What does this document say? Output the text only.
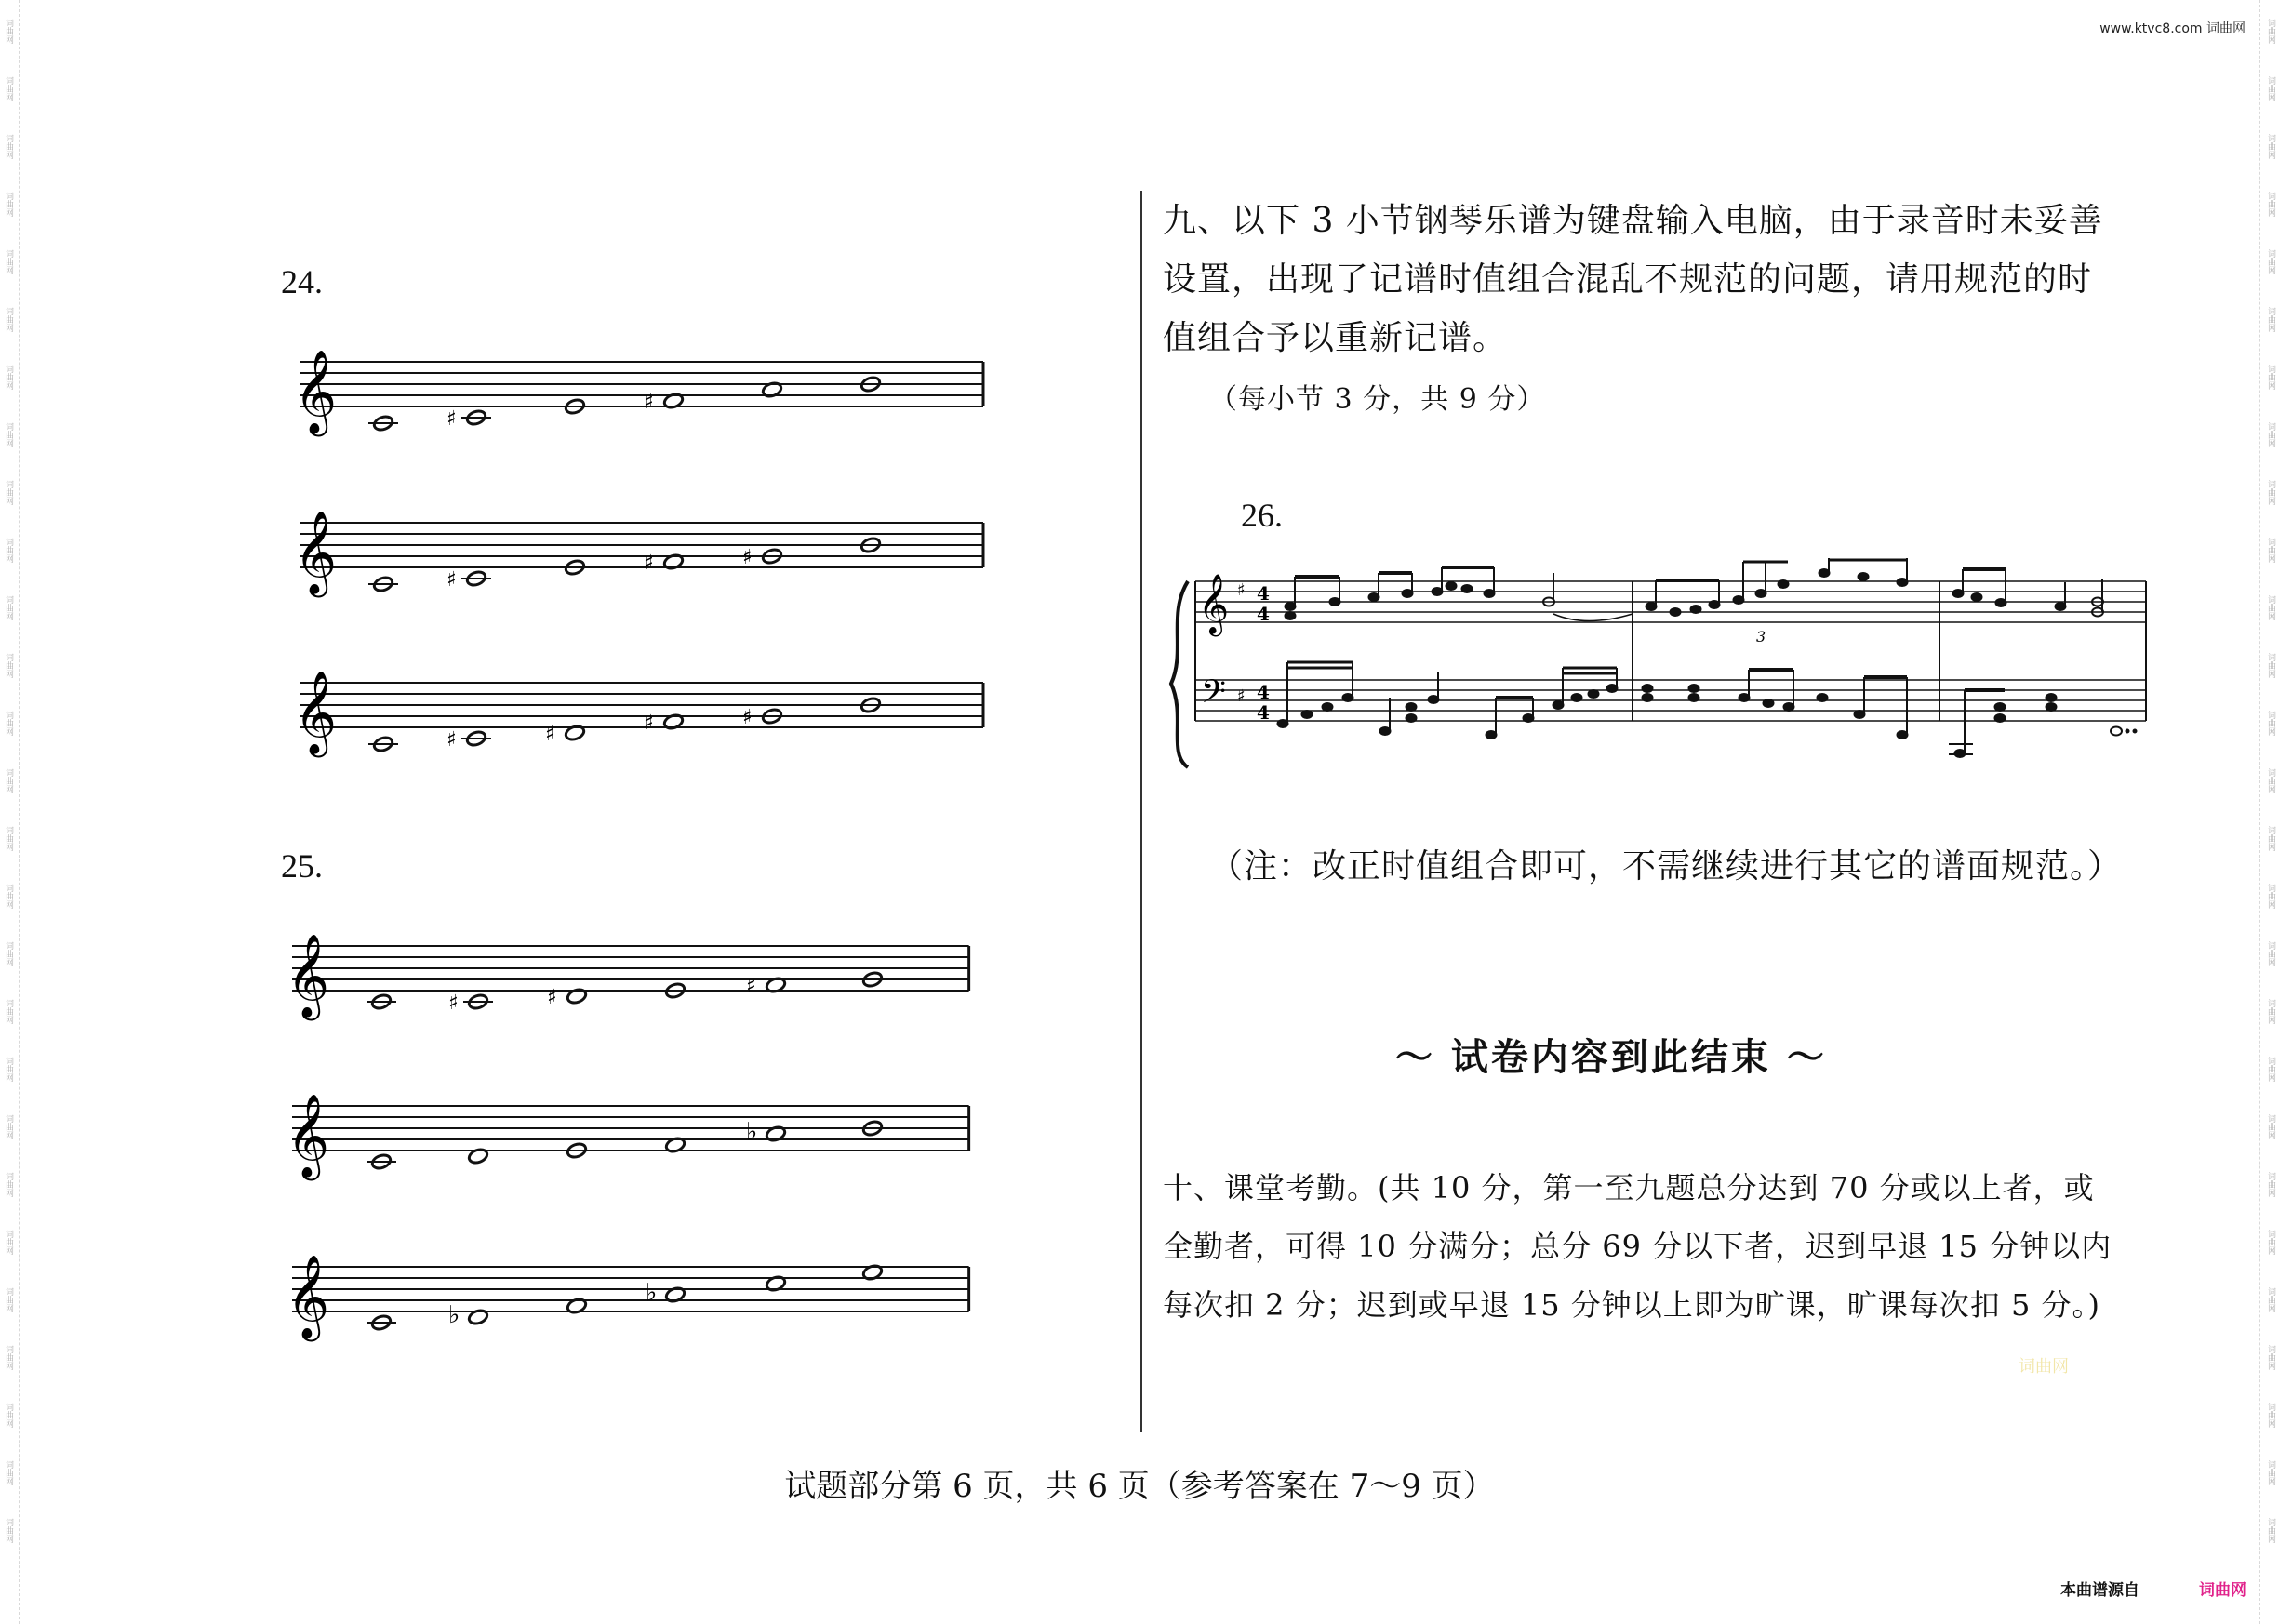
www.ktvc8.com 词曲网
24.
𝄞	♯
♯
𝄞	♯
♯	♯
𝄞	♯	♯	♯	♯
𝄞	♯	♯	♯
𝄞	♭
𝄞	♭
♭
25.
九、以下 3 小节钢琴乐谱为键盘输入电脑，由于录音时未妥善设置，出现了记谱时值组合混乱不规范的问题，请用规范的时值组合予以重新记谱。
（每小节 3 分，共 9 分）
26.
𝄞
𝄢
♯
♯
4
4
4
4
3
（注：改正时值组合即可，不需继续进行其它的谱面规范。）
～ 试卷内容到此结束 ～
十、课堂考勤。(共 10 分，第一至九题总分达到 70 分或以上者，或全勤者，可得 10 分满分；总分 69 分以下者，迟到早退 15 分钟以内每次扣 2 分；迟到或早退 15 分钟以上即为旷课，旷课每次扣 5 分。)
词曲网
试题部分第 6 页，共 6 页（参考答案在 7～9 页）
本曲谱源自	词曲网
词曲网
词曲网
词曲网
词曲网
词曲网
词曲网
词曲网
词曲网
词曲网
词曲网
词曲网
词曲网
词曲网
词曲网
词曲网
词曲网
词曲网
词曲网
词曲网
词曲网
词曲网
词曲网
词曲网
词曲网
词曲网
词曲网
词曲网
词曲网
词曲网
词曲网
词曲网
词曲网
词曲网
词曲网
词曲网
词曲网
词曲网
词曲网
词曲网
词曲网
词曲网
词曲网
词曲网
词曲网
词曲网
词曲网
词曲网
词曲网
词曲网
词曲网
词曲网
词曲网
词曲网
词曲网
